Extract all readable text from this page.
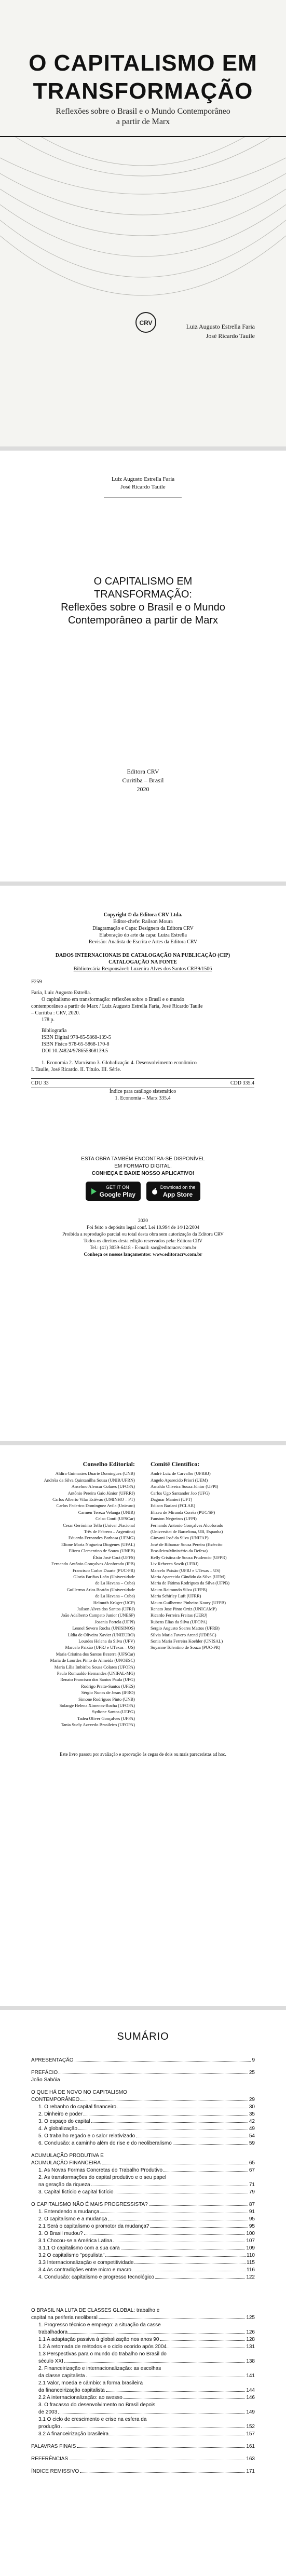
O CAPITALISMO EM
TRANSFORMAÇÃO
Reflexões sobre o Brasil e o Mundo Contemporâneo
a partir de Marx
CRV	Luiz Augusto Estrella Faria
José Ricardo Tauile
Luiz Augusto Estrella Faria
José Ricardo Tauile
O CAPITALISMO EM
TRANSFORMAÇÃO:
Reflexões sobre o Brasil e o Mundo
Contemporâneo a partir de Marx
Editora CRV
Curitiba – Brasil
2020
Copyright © da Editora CRV Ltda.
Editor-chefe: Railson Moura
Diagramação e Capa: Designers da Editora CRV
Elaboração do arte da capa: Luiza Estrella
Revisão: Analista de Escrita e Artes da Editora CRV
DADOS INTERNACIONAIS DE CATALOGAÇÃO NA PUBLICAÇÃO (CIP)
CATALOGAÇÃO NA FONTE
Bibliotecária Responsável: Luzenira Alves dos Santos CRB9/1506
F259
Faria, Luiz Augusto Estrella.
O capitalismo em transformação: reflexões sobre o Brasil e o mundo
contemporâneo a partir de Marx / Luiz Augusto Estrella Faria, José Ricardo Tauile
– Curitiba : CRV, 2020.
178 p.
Bibliografia
ISBN Digital 978-65-5868-139-5
ISBN Físico 978-65-5868-170-8
DOI 10.24824/978655868139.5
1. Economia 2. Marxismo 3. Globalização 4. Desenvolvimento econômico
I. Tauile, José Ricardo. II. Título. III. Série.
CDU 33	CDD 335.4
Índice para catálogo sistemático
1. Economia – Marx 335.4
ESTA OBRA TAMBÉM ENCONTRA-SE DISPONÍVEL
EM FORMATO DIGITAL.
CONHEÇA E BAIXE NOSSO APLICATIVO!
GET IT ON
Google Play

Download on the
App Store
2020
Foi feito o depósito legal conf. Lei 10.994 de 14/12/2004
Proibida a reprodução parcial ou total desta obra sem autorização da Editora CRV
Todos os direitos desta edição reservados pela: Editora CRV
Tel.: (41) 3039-6418 - E-mail: sac@editoracrv.com.br
Conheça os nossos lançamentos: www.editoracrv.com.br
Conselho Editorial:
Aldira Guimarães Duarte Domínguez (UNB)
Andréia da Silva Quintanilha Sousa (UNIR/UFRN)
Anselmo Alencar Colares (UFOPA)
Antônio Pereira Gaio Júnior (UFRRJ)
Carlos Alberto Vilar Estêvão (UMINHO – PT)
Carlos Federico Dominguez Avila (Unieuro)
Carmen Tereza Velanga (UNIR)
Celso Conti (UFSCar)
Cesar Gerónimo Tello (Univer .Nacional
Três de Febrero – Argentina)
Eduardo Fernandes Barbosa (UFMG)
Elione Maria Nogueira Diogenes (UFAL)
Elizeu Clementino de Souza (UNEB)
Élsio José Corá (UFFS)
Fernando Antônio Gonçalves Alcoforado (IPB)
Francisco Carlos Duarte (PUC-PR)
Gloria Fariñas León (Universidade
de La Havana – Cuba)
Guillermo Arias Beatón (Universidade
de La Havana – Cuba)
Helmuth Krüger (UCP)
Jailson Alves dos Santos (UFRJ)
João Adalberto Campato Junior (UNESP)
Josania Portela (UFPI)
Leonel Severo Rocha (UNISINOS)
Lídia de Oliveira Xavier (UNIEURO)
Lourdes Helena da Silva (UFV)
Marcelo Paixão (UFRJ e UTexas – US)
Maria Cristina dos Santos Bezerra (UFSCar)
Maria de Lourdes Pinto de Almeida (UNOESC)
Maria Lília Imbiriba Sousa Colares (UFOPA)
Paulo Romualdo Hernandes (UNIFAL-MG)
Renato Francisco dos Santos Paula (UFG)
Rodrigo Pratte-Santos (UFES)
Sérgio Nunes de Jesus (IFRO)
Simone Rodrigues Pinto (UNB)
Solange Helena Ximenes-Rocha (UFOPA)
Sydione Santos (UEPG)
Tadeu Oliver Gonçalves (UFPA)
Tania Suely Azevedo Brasileiro (UFOPA)
Comitê Científico:
André Luiz de Carvalho (UFRRJ)
Angelo Aparecido Priori (UEM)
Arnaldo Oliveira Souza Júnior (UFPI)
Carlos Ugo Santander Joo (UFG)
Dagmar Manieri (UFT)
Edison Bariani (FCLAR)
Elizeu de Miranda Corrêa (PUC/SP)
Fauston Negreiros (UFPI)
Fernando Antonio Gonçalves Alcoforado
(Universitat de Barcelona, UB, Espanha)
Giovani José da Silva (UNIFAP)
José de Ribamar Sousa Pereira (Exército
Brasileiro/Ministério da Defesa)
Kelly Cristina de Souza Prudencio (UFPR)
Liv Rebecca Sovik (UFRJ)
Marcelo Paixão (UFRJ e UTexas – US)
Maria Aparecida Cândido da Silva (UEM)
Maria de Fátima Rodrigues da Silva (UFPB)
Mauro Raimundo Silva (UFPB)
Maria Schirley Luft (UFRR)
Mauro Guilherme Pinheiro Koury (UFPB)
Renato Jose Pinto Ortiz (UNICAMP)
Ricardo Ferreira Freitas (UERJ)
Rubens Elias da Silva (UFOPA)
Sergio Augusto Soares Mattos (UFRB)
Silvia Maria Favero Arend (UDESC)
Sonia Maria Ferreira Koehler (UNISAL)
Suyanne Tolentino de Souza (PUC-PR)
Este livro passou por avaliação e aprovação às cegas de dois ou mais pareceristas ad hoc.
SUMÁRIO
APRESENTAÇÃO	9
PREFÁCIO	25
João Sabóia
O QUE HÁ DE NOVO NO CAPITALISMO
CONTEMPORÂNEO	29
1. O rebanho do capital financeiro	30
2. Dinheiro e poder	35
3. O espaço do capital	42
4. A globalização	49
5. O trabalho regado e o salor relativizado	54
6. Conclusão: a caminho além do rise e do neoliberalismo	59
ACUMULAÇÃO PRODUTIVA E
ACUMULAÇÃO FINANCEIRA	65
1. As Novas Formas Concretas do Trabalho Produtivo	67
2. As transformações do capital produtivo e o seu papel
na geração da riqueza	71
3. Capital fictício e capital fictício	79
O CAPITALISMO NÃO É MAIS PROGRESSISTA?	87
1. Entendendo a mudança	91
2. O capitalismo e a mudança	95
2.1 Será o capitalismo o promotor da mudança?	95
3. O Brasil mudou?	100
3.1 Chocou-se a América Latina	107
3.1.1 O capitalismo com a sua cara	109
3.2 O capitalismo "populista"	110
3.3 Internacionalização e competitividade	115
3.4 As contradições entre micro e macro	116
4. Conclusão: capitalismo e progresso tecnológico	122
O BRASIL NA LUTA DE CLASSES GLOBAL: trabalho e
capital na periferia neoliberal	125
1. Progresso técnico e emprego: a situação da casse
trabalhadora	126
1.1 A adaptação passiva à globalização nos anos 90	128
1.2 A retomada de métodos e o ciclo ocorido após 2004	131
1.3 Perspectivas para o mundo do trabalho no Brasil do
século XXI	138
2. Financeirização e internacionalização: as escolhas
da classe capitalista	141
2.1 Valor, moeda e câmbio: a forma brasileira
da financeirização capitalista	144
2.2 A internacionalização: ao avesso	146
3. O fracasso do desenvolvimento no Brasil depois
de 2003	149
3.1 O ciclo de crescimento e crise na esfera da
produção	152
3.2 A financeirização brasileira	157
PALAVRAS FINAIS	161
REFERÊNCIAS	163
ÍNDICE REMISSIVO	171
